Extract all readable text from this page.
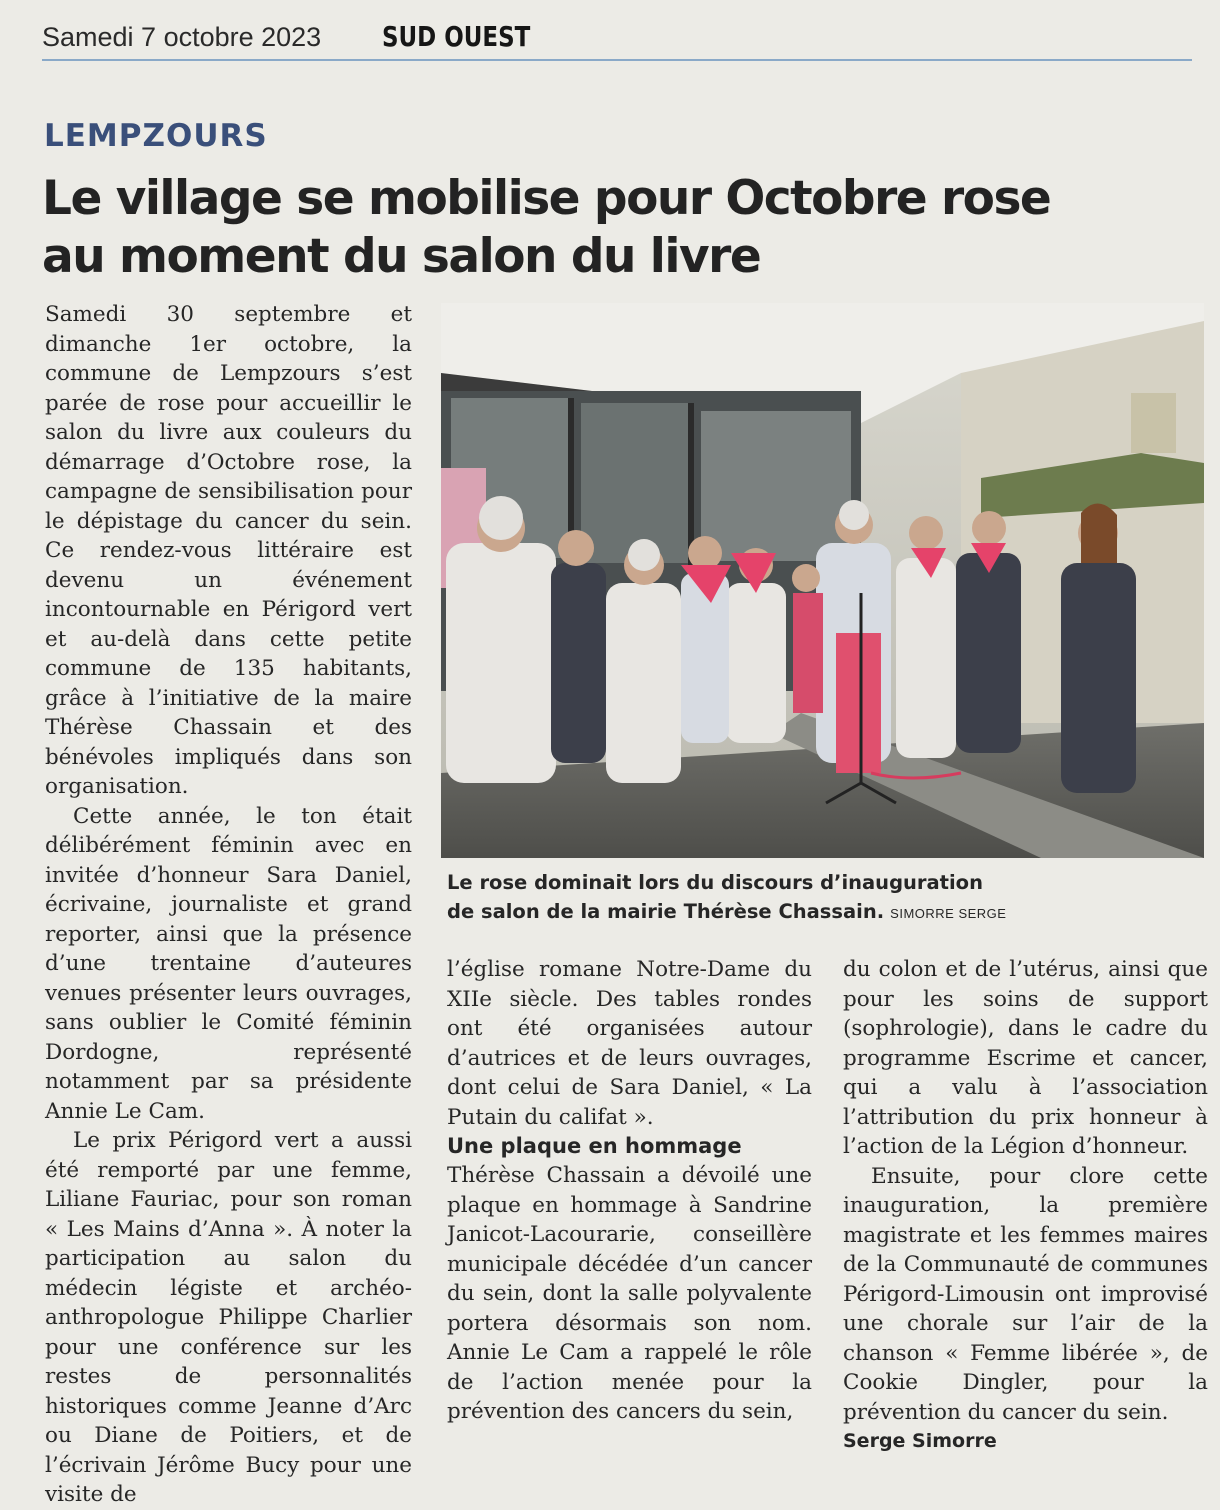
Samedi 7 octobre 2023 SUD OUEST
LEMPZOURS
Le village se mobilise pour Octobre rose
au moment du salon du livre

Samedi 30 septembre et dimanche 1er octobre, la commune de Lempzours s’est parée de rose pour accueillir le salon du livre aux couleurs du démarrage d’Octobre rose, la campagne de sensibilisation pour le dépistage du cancer du sein. Ce rendez-vous littéraire est devenu un événement incontournable en Périgord vert et au-delà dans cette petite commune de 135 habitants, grâce à l’initiative de la maire Thérèse Chassain et des bénévoles impliqués dans son organisation.

Cette année, le ton était délibérément féminin avec en invitée d’honneur Sara Daniel, écrivaine, journaliste et grand reporter, ainsi que la présence d’une trentaine d’auteures venues présenter leurs ouvrages, sans oublier le Comité féminin Dordogne, représenté notamment par sa présidente Annie Le Cam.

Le prix Périgord vert a aussi été remporté par une femme, Liliane Fauriac, pour son roman « Les Mains d’Anna ». À noter la participation au salon du médecin légiste et archéo-anthropologue Philippe Charlier pour une conférence sur les restes de personnalités historiques comme Jeanne d’Arc ou Diane de Poitiers, et de l’écrivain Jérôme Bucy pour une visite de

Le rose dominait lors du discours d’inauguration
de salon de la mairie Thérèse Chassain. SIMORRE SERGE

l’église romane Notre-Dame du XIIe siècle. Des tables rondes ont été organisées autour d’autrices et de leurs ouvrages, dont celui de Sara Daniel, « La Putain du califat ».

Une plaque en hommage

Thérèse Chassain a dévoilé une plaque en hommage à Sandrine Janicot-Lacourarie, conseillère municipale décédée d’un cancer du sein, dont la salle polyvalente portera désormais son nom. Annie Le Cam a rappelé le rôle de l’action menée pour la prévention des cancers du sein,

du colon et de l’utérus, ainsi que pour les soins de support (sophrologie), dans le cadre du programme Escrime et cancer, qui a valu à l’association l’attribution du prix honneur à l’action de la Légion d’honneur.

Ensuite, pour clore cette inauguration, la première magistrate et les femmes maires de la Communauté de communes Périgord-Limousin ont improvisé une chorale sur l’air de la chanson « Femme libérée », de Cookie Dingler, pour la prévention du cancer du sein.

Serge Simorre
